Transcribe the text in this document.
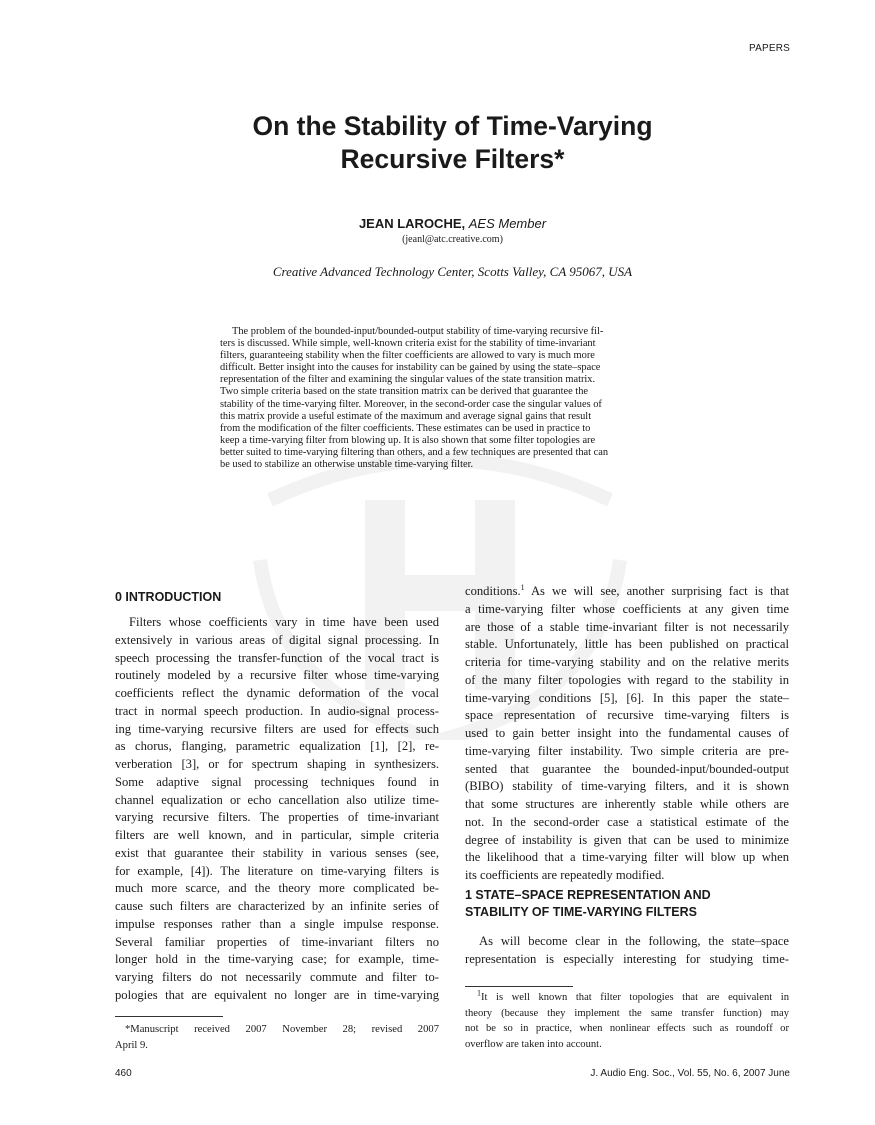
PAPERS
On the Stability of Time-Varying
Recursive Filters*
JEAN LAROCHE, AES Member
(jeanl@atc.creative.com)
Creative Advanced Technology Center, Scotts Valley, CA 95067, USA
The problem of the bounded-input/bounded-output stability of time-varying recursive fil-
ters is discussed. While simple, well-known criteria exist for the stability of time-invariant
filters, guaranteeing stability when the filter coefficients are allowed to vary is much more
difficult. Better insight into the causes for instability can be gained by using the state–space
representation of the filter and examining the singular values of the state transition matrix.
Two simple criteria based on the state transition matrix can be derived that guarantee the
stability of the time-varying filter. Moreover, in the second-order case the singular values of
this matrix provide a useful estimate of the maximum and average signal gains that result
from the modification of the filter coefficients. These estimates can be used in practice to
keep a time-varying filter from blowing up. It is also shown that some filter topologies are
better suited to time-varying filtering than others, and a few techniques are presented that can
be used to stabilize an otherwise unstable time-varying filter.
0 INTRODUCTION
Filters whose coefficients vary in time have been used
extensively in various areas of digital signal processing. In
speech processing the transfer-function of the vocal tract is
routinely modeled by a recursive filter whose time-varying
coefficients reflect the dynamic deformation of the vocal
tract in normal speech production. In audio-signal process-
ing time-varying recursive filters are used for effects such
as chorus, flanging, parametric equalization [1], [2], re-
verberation [3], or for spectrum shaping in synthesizers.
Some adaptive signal processing techniques found in
channel equalization or echo cancellation also utilize time-
varying recursive filters. The properties of time-invariant
filters are well known, and in particular, simple criteria
exist that guarantee their stability in various senses (see,
for example, [4]). The literature on time-varying filters is
much more scarce, and the theory more complicated be-
cause such filters are characterized by an infinite series of
impulse responses rather than a single impulse response.
Several familiar properties of time-invariant filters no
longer hold in the time-varying case; for example, time-
varying filters do not necessarily commute and filter to-
pologies that are equivalent no longer are in time-varying
conditions.$^1$ As we will see, another surprising fact is that
a time-varying filter whose coefficients at any given time
are those of a stable time-invariant filter is not necessarily
stable. Unfortunately, little has been published on practical
criteria for time-varying stability and on the relative merits
of the many filter topologies with regard to the stability in
time-varying conditions [5], [6]. In this paper the state–
space representation of recursive time-varying filters is
used to gain better insight into the fundamental causes of
time-varying filter instability. Two simple criteria are pre-
sented that guarantee the bounded-input/bounded-output
(BIBO) stability of time-varying filters, and it is shown
that some structures are inherently stable while others are
not. In the second-order case a statistical estimate of the
degree of instability is given that can be used to minimize
the likelihood that a time-varying filter will blow up when
its coefficients are repeatedly modified.
1 STATE–SPACE REPRESENTATION AND
STABILITY OF TIME-VARYING FILTERS
As will become clear in the following, the state–space
representation is especially interesting for studying time-
*Manuscript received 2007 November 28; revised 2007
April 9.
$^1$It is well known that filter topologies that are equivalent in
theory (because they implement the same transfer function) may
not be so in practice, when nonlinear effects such as roundoff or
overflow are taken into account.
460	J. Audio Eng. Soc., Vol. 55, No. 6, 2007 June
